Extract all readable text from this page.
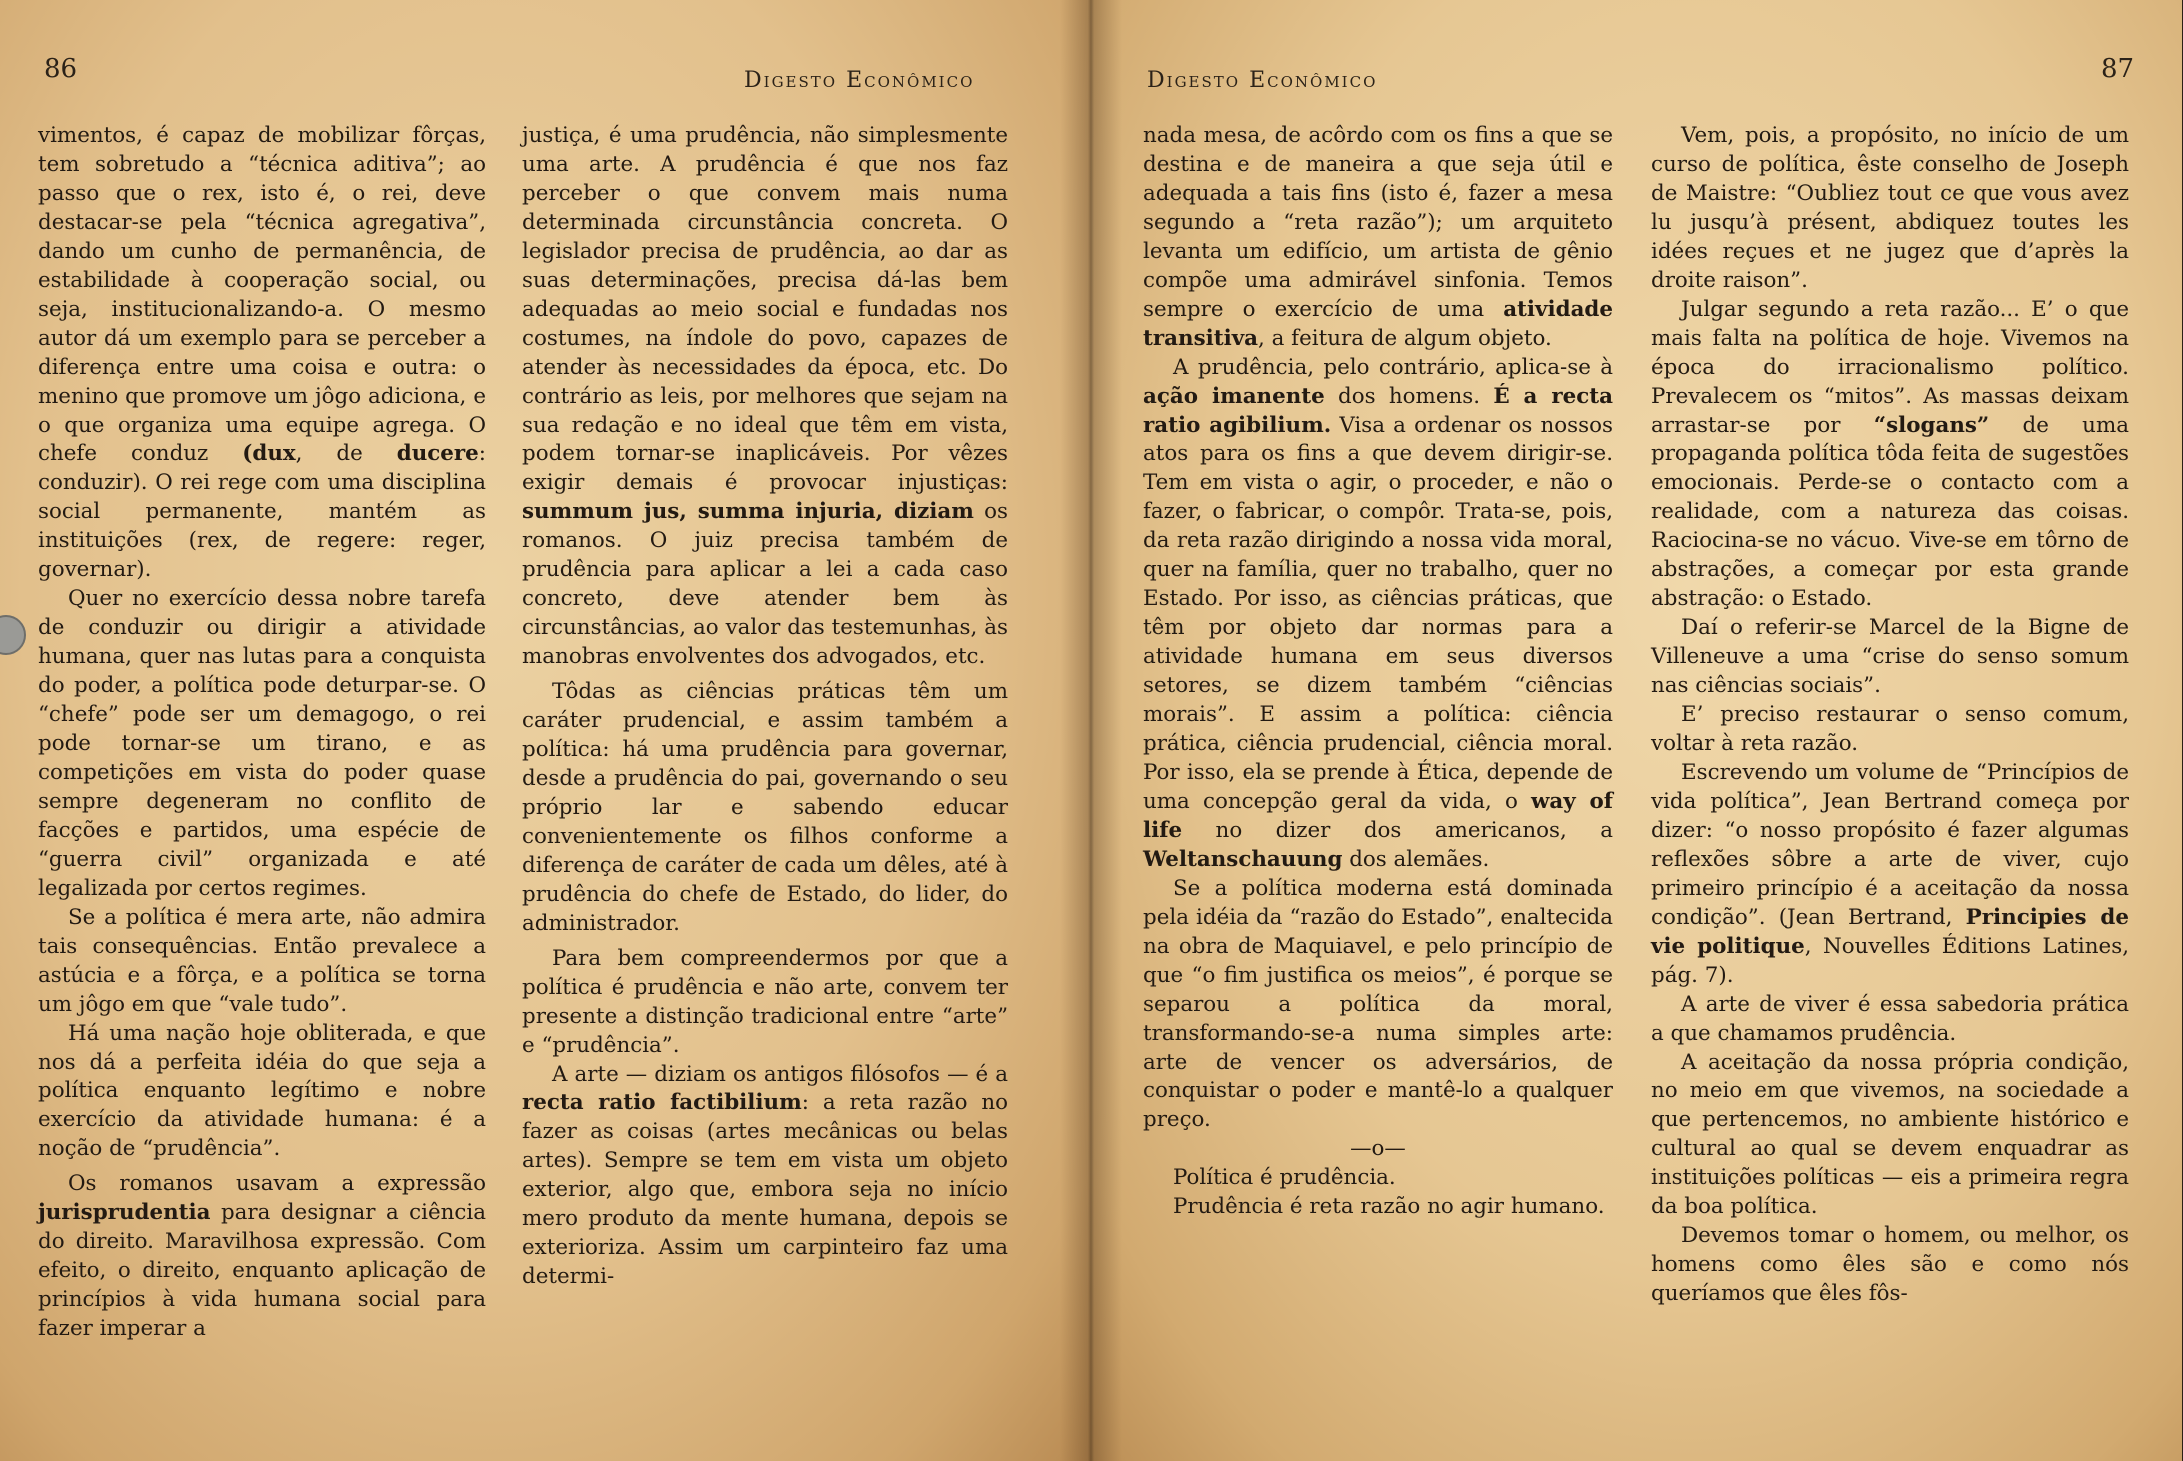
86	Digesto Econômico

vimentos, é capaz de mobilizar fôrças, tem sobretudo a “técnica aditiva”; ao passo que o rex, isto é, o rei, deve destacar-se pela “técnica agregativa”, dando um cunho de permanência, de estabilidade à cooperação social, ou seja, institucionalizando-a. O mesmo autor dá um exemplo para se perceber a diferença entre uma coisa e outra: o menino que promove um jôgo adiciona, e o que organiza uma equipe agrega. O chefe conduz (dux, de ducere: conduzir). O rei rege com uma disciplina social permanente, mantém as instituições (rex, de regere: reger, governar).

Quer no exercício dessa nobre tarefa de conduzir ou dirigir a atividade humana, quer nas lutas para a conquista do poder, a política pode deturpar-se. O “chefe” pode ser um demagogo, o rei pode tornar-se um tirano, e as competições em vista do poder quase sempre degeneram no conflito de facções e partidos, uma espécie de “guerra civil” organizada e até legalizada por certos regimes.

Se a política é mera arte, não admira tais consequências. Então prevalece a astúcia e a fôrça, e a política se torna um jôgo em que “vale tudo”.

Há uma nação hoje obliterada, e que nos dá a perfeita idéia do que seja a política enquanto legítimo e nobre exercício da atividade humana: é a noção de “prudência”.

Os romanos usavam a expressão jurisprudentia para designar a ciência do direito. Maravilhosa expressão. Com efeito, o direito, enquanto aplicação de princípios à vida humana social para fazer imperar a

justiça, é uma prudência, não simplesmente uma arte. A prudência é que nos faz perceber o que convem mais numa determinada circunstância concreta. O legislador precisa de prudência, ao dar as suas determinações, precisa dá-las bem adequadas ao meio social e fundadas nos costumes, na índole do povo, capazes de atender às necessidades da época, etc. Do contrário as leis, por melhores que sejam na sua redação e no ideal que têm em vista, podem tornar-se inaplicáveis. Por vêzes exigir demais é provocar injustiças: summum jus, summa injuria, diziam os romanos. O juiz precisa também de prudência para aplicar a lei a cada caso concreto, deve atender bem às circunstâncias, ao valor das testemunhas, às manobras envolventes dos advogados, etc.

Tôdas as ciências práticas têm um caráter prudencial, e assim também a política: há uma prudência para governar, desde a prudência do pai, governando o seu próprio lar e sabendo educar convenientemente os filhos conforme a diferença de caráter de cada um dêles, até à prudência do chefe de Estado, do lider, do administrador.

Para bem compreendermos por que a política é prudência e não arte, convem ter presente a distinção tradicional entre “arte” e “prudência”.

A arte — diziam os antigos filósofos — é a recta ratio factibilium: a reta razão no fazer as coisas (artes mecânicas ou belas artes). Sempre se tem em vista um objeto exterior, algo que, embora seja no início mero produto da mente humana, depois se exterioriza. Assim um carpinteiro faz uma determi-

Digesto Econômico	87

nada mesa, de acôrdo com os fins a que se destina e de maneira a que seja útil e adequada a tais fins (isto é, fazer a mesa segundo a “reta razão”); um arquiteto levanta um edifício, um artista de gênio compõe uma admirável sinfonia. Temos sempre o exercício de uma atividade transitiva, a feitura de algum objeto.

A prudência, pelo contrário, aplica-se à ação imanente dos homens. É a recta ratio agibilium. Visa a ordenar os nossos atos para os fins a que devem dirigir-se. Tem em vista o agir, o proceder, e não o fazer, o fabricar, o compôr. Trata-se, pois, da reta razão dirigindo a nossa vida moral, quer na família, quer no trabalho, quer no Estado. Por isso, as ciências práticas, que têm por objeto dar normas para a atividade humana em seus diversos setores, se dizem também “ciências morais”. E assim a política: ciência prática, ciência prudencial, ciência moral. Por isso, ela se prende à Ética, depende de uma concepção geral da vida, o way of life no dizer dos americanos, a Weltanschauung dos alemães.

Se a política moderna está dominada pela idéia da “razão do Estado”, enaltecida na obra de Maquiavel, e pelo princípio de que “o fim justifica os meios”, é porque se separou a política da moral, transformando-se-a numa simples arte: arte de vencer os adversários, de conquistar o poder e mantê-lo a qualquer preço.

—o—

Política é prudência.

Prudência é reta razão no agir humano.

Vem, pois, a propósito, no início de um curso de política, êste conselho de Joseph de Maistre: “Oubliez tout ce que vous avez lu jusqu’à présent, abdiquez toutes les idées reçues et ne jugez que d’après la droite raison”.

Julgar segundo a reta razão... E’ o que mais falta na política de hoje. Vivemos na época do irracionalismo político. Prevalecem os “mitos”. As massas deixam arrastar-se por “slogans” de uma propaganda política tôda feita de sugestões emocionais. Perde-se o contacto com a realidade, com a natureza das coisas. Raciocina-se no vácuo. Vive-se em tôrno de abstrações, a começar por esta grande abstração: o Estado.

Daí o referir-se Marcel de la Bigne de Villeneuve a uma “crise do senso somum nas ciências sociais”.

E’ preciso restaurar o senso comum, voltar à reta razão.

Escrevendo um volume de “Princípios de vida política”, Jean Bertrand começa por dizer: “o nosso propósito é fazer algumas reflexões sôbre a arte de viver, cujo primeiro princípio é a aceitação da nossa condição”. (Jean Bertrand, Principies de vie politique, Nouvelles Éditions Latines, pág. 7).

A arte de viver é essa sabedoria prática a que chamamos prudência.

A aceitação da nossa própria condição, no meio em que vivemos, na sociedade a que pertencemos, no ambiente histórico e cultural ao qual se devem enquadrar as instituições políticas — eis a primeira regra da boa política.

Devemos tomar o homem, ou melhor, os homens como êles são e como nós queríamos que êles fôs-
